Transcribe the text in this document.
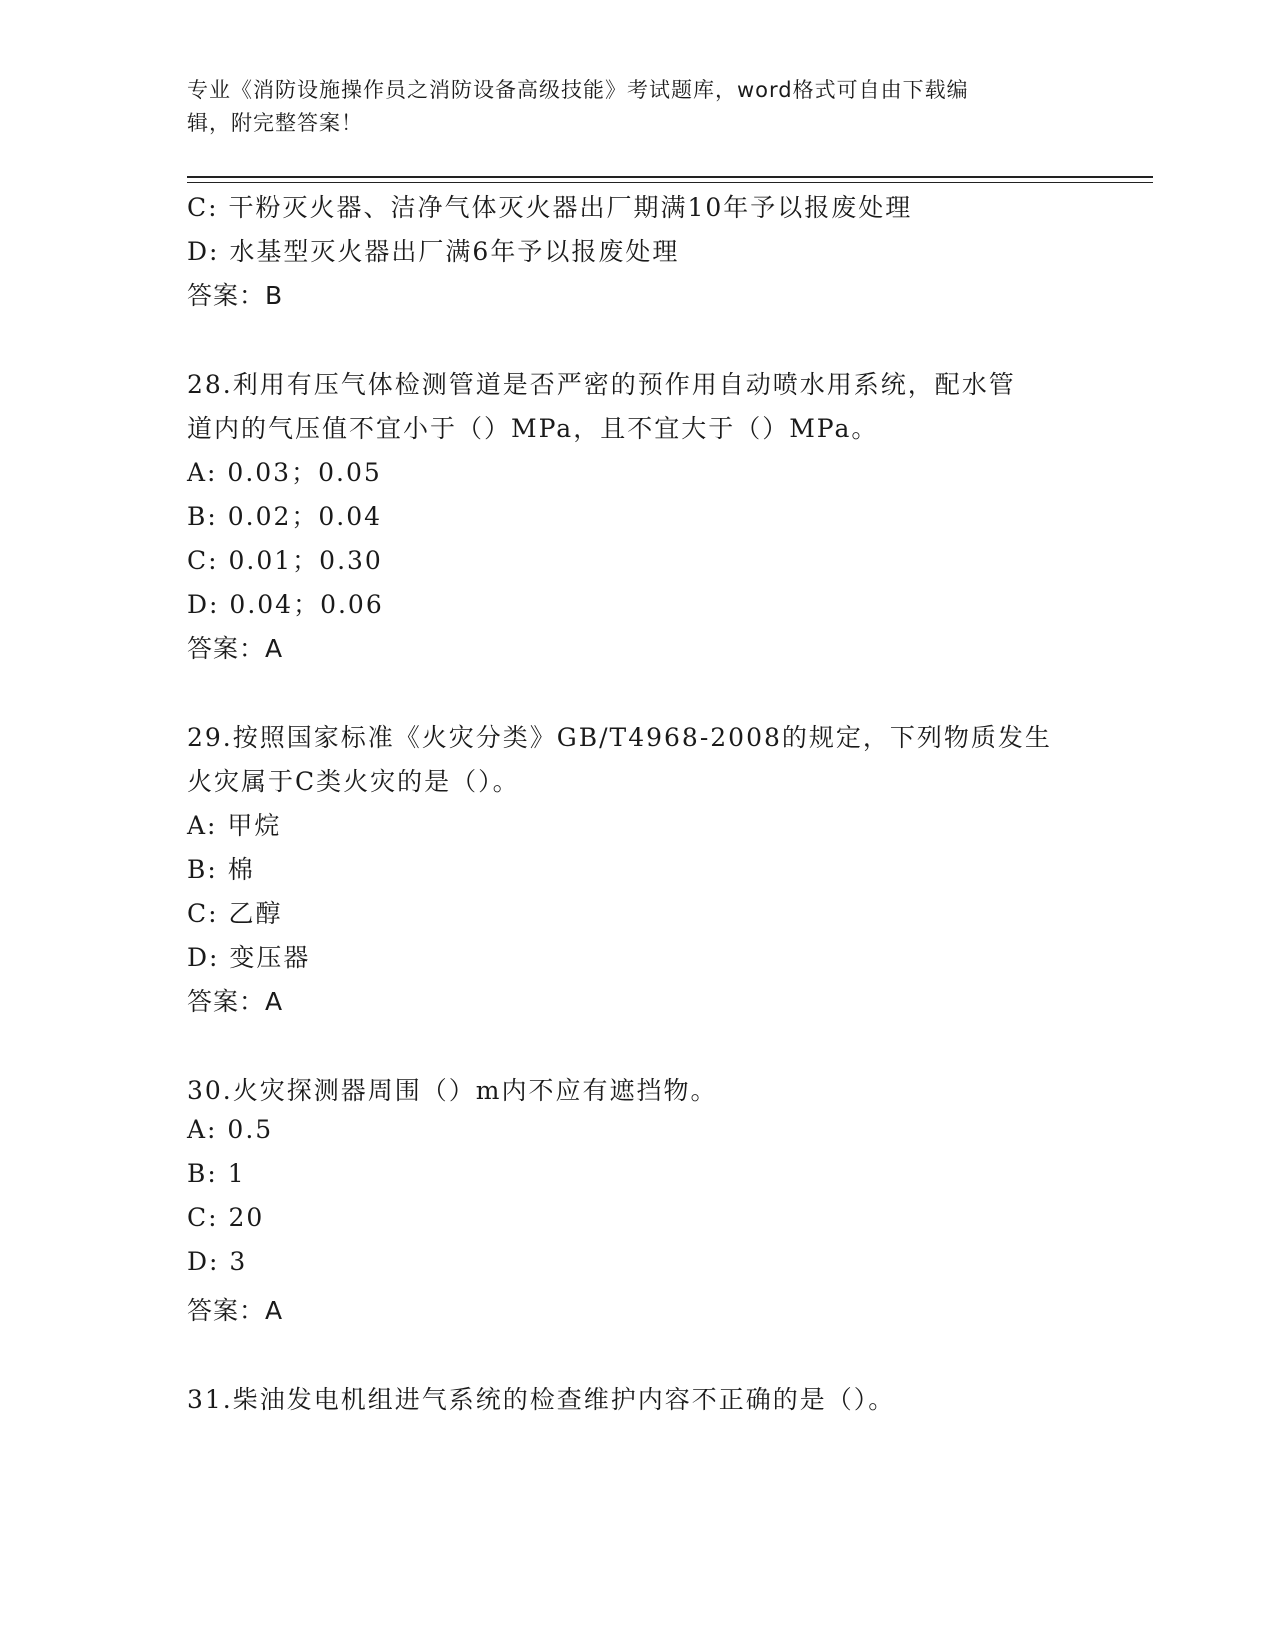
专业《消防设施操作员之消防设备高级技能》考试题库，word格式可自由下载编
辑，附完整答案！
C: 干粉灭火器、洁净气体灭火器出厂期满10年予以报废处理
D: 水基型灭火器出厂满6年予以报废处理
答案：B
28.利用有压气体检测管道是否严密的预作用自动喷水用系统，配水管
道内的气压值不宜小于（）MPa，且不宜大于（）MPa。
A: 0.03；0.05
B: 0.02；0.04
C: 0.01；0.30
D: 0.04；0.06
答案：A
29.按照国家标准《火灾分类》GB/T4968-2008的规定，下列物质发生
火灾属于C类火灾的是（）。
A: 甲烷
B: 棉
C: 乙醇
D: 变压器
答案：A
30.火灾探测器周围（）m内不应有遮挡物。
A: 0.5
B: 1
C: 20
D: 3
答案：A
31.柴油发电机组进气系统的检查维护内容不正确的是（）。
